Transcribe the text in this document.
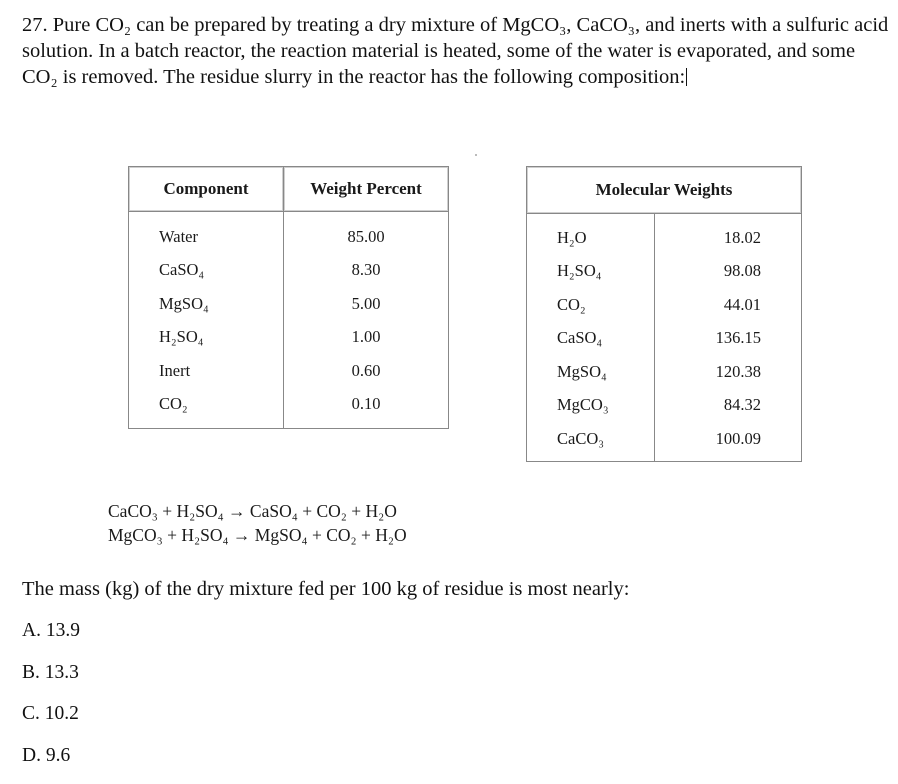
27. Pure CO₂ can be prepared by treating a dry mixture of MgCO₃, CaCO₃, and inerts with a sulfuric acid solution. In a batch reactor, the reaction material is heated, some of the water is evaporated, and some CO₂ is removed. The residue slurry in the reactor has the following composition:

Component	Weight Percent
Water	85.00
CaSO₄	8.30
MgSO₄	5.00
H₂SO₄	1.00
Inert	0.60
CO₂	0.10
Molecular Weights	
H₂O	18.02
H₂SO₄	98.08
CO₂	44.01
CaSO₄	136.15
MgSO₄	120.38
MgCO₃	84.32
CaCO₃	100.09
CaCO₃ + H₂SO₄ → CaSO₄ + CO₂ + H₂O
MgCO₃ + H₂SO₄ → MgSO₄ + CO₂ + H₂O

The mass (kg) of the dry mixture fed per 100 kg of residue is most nearly:

A. 13.9
B. 13.3
C. 10.2
D. 9.6
